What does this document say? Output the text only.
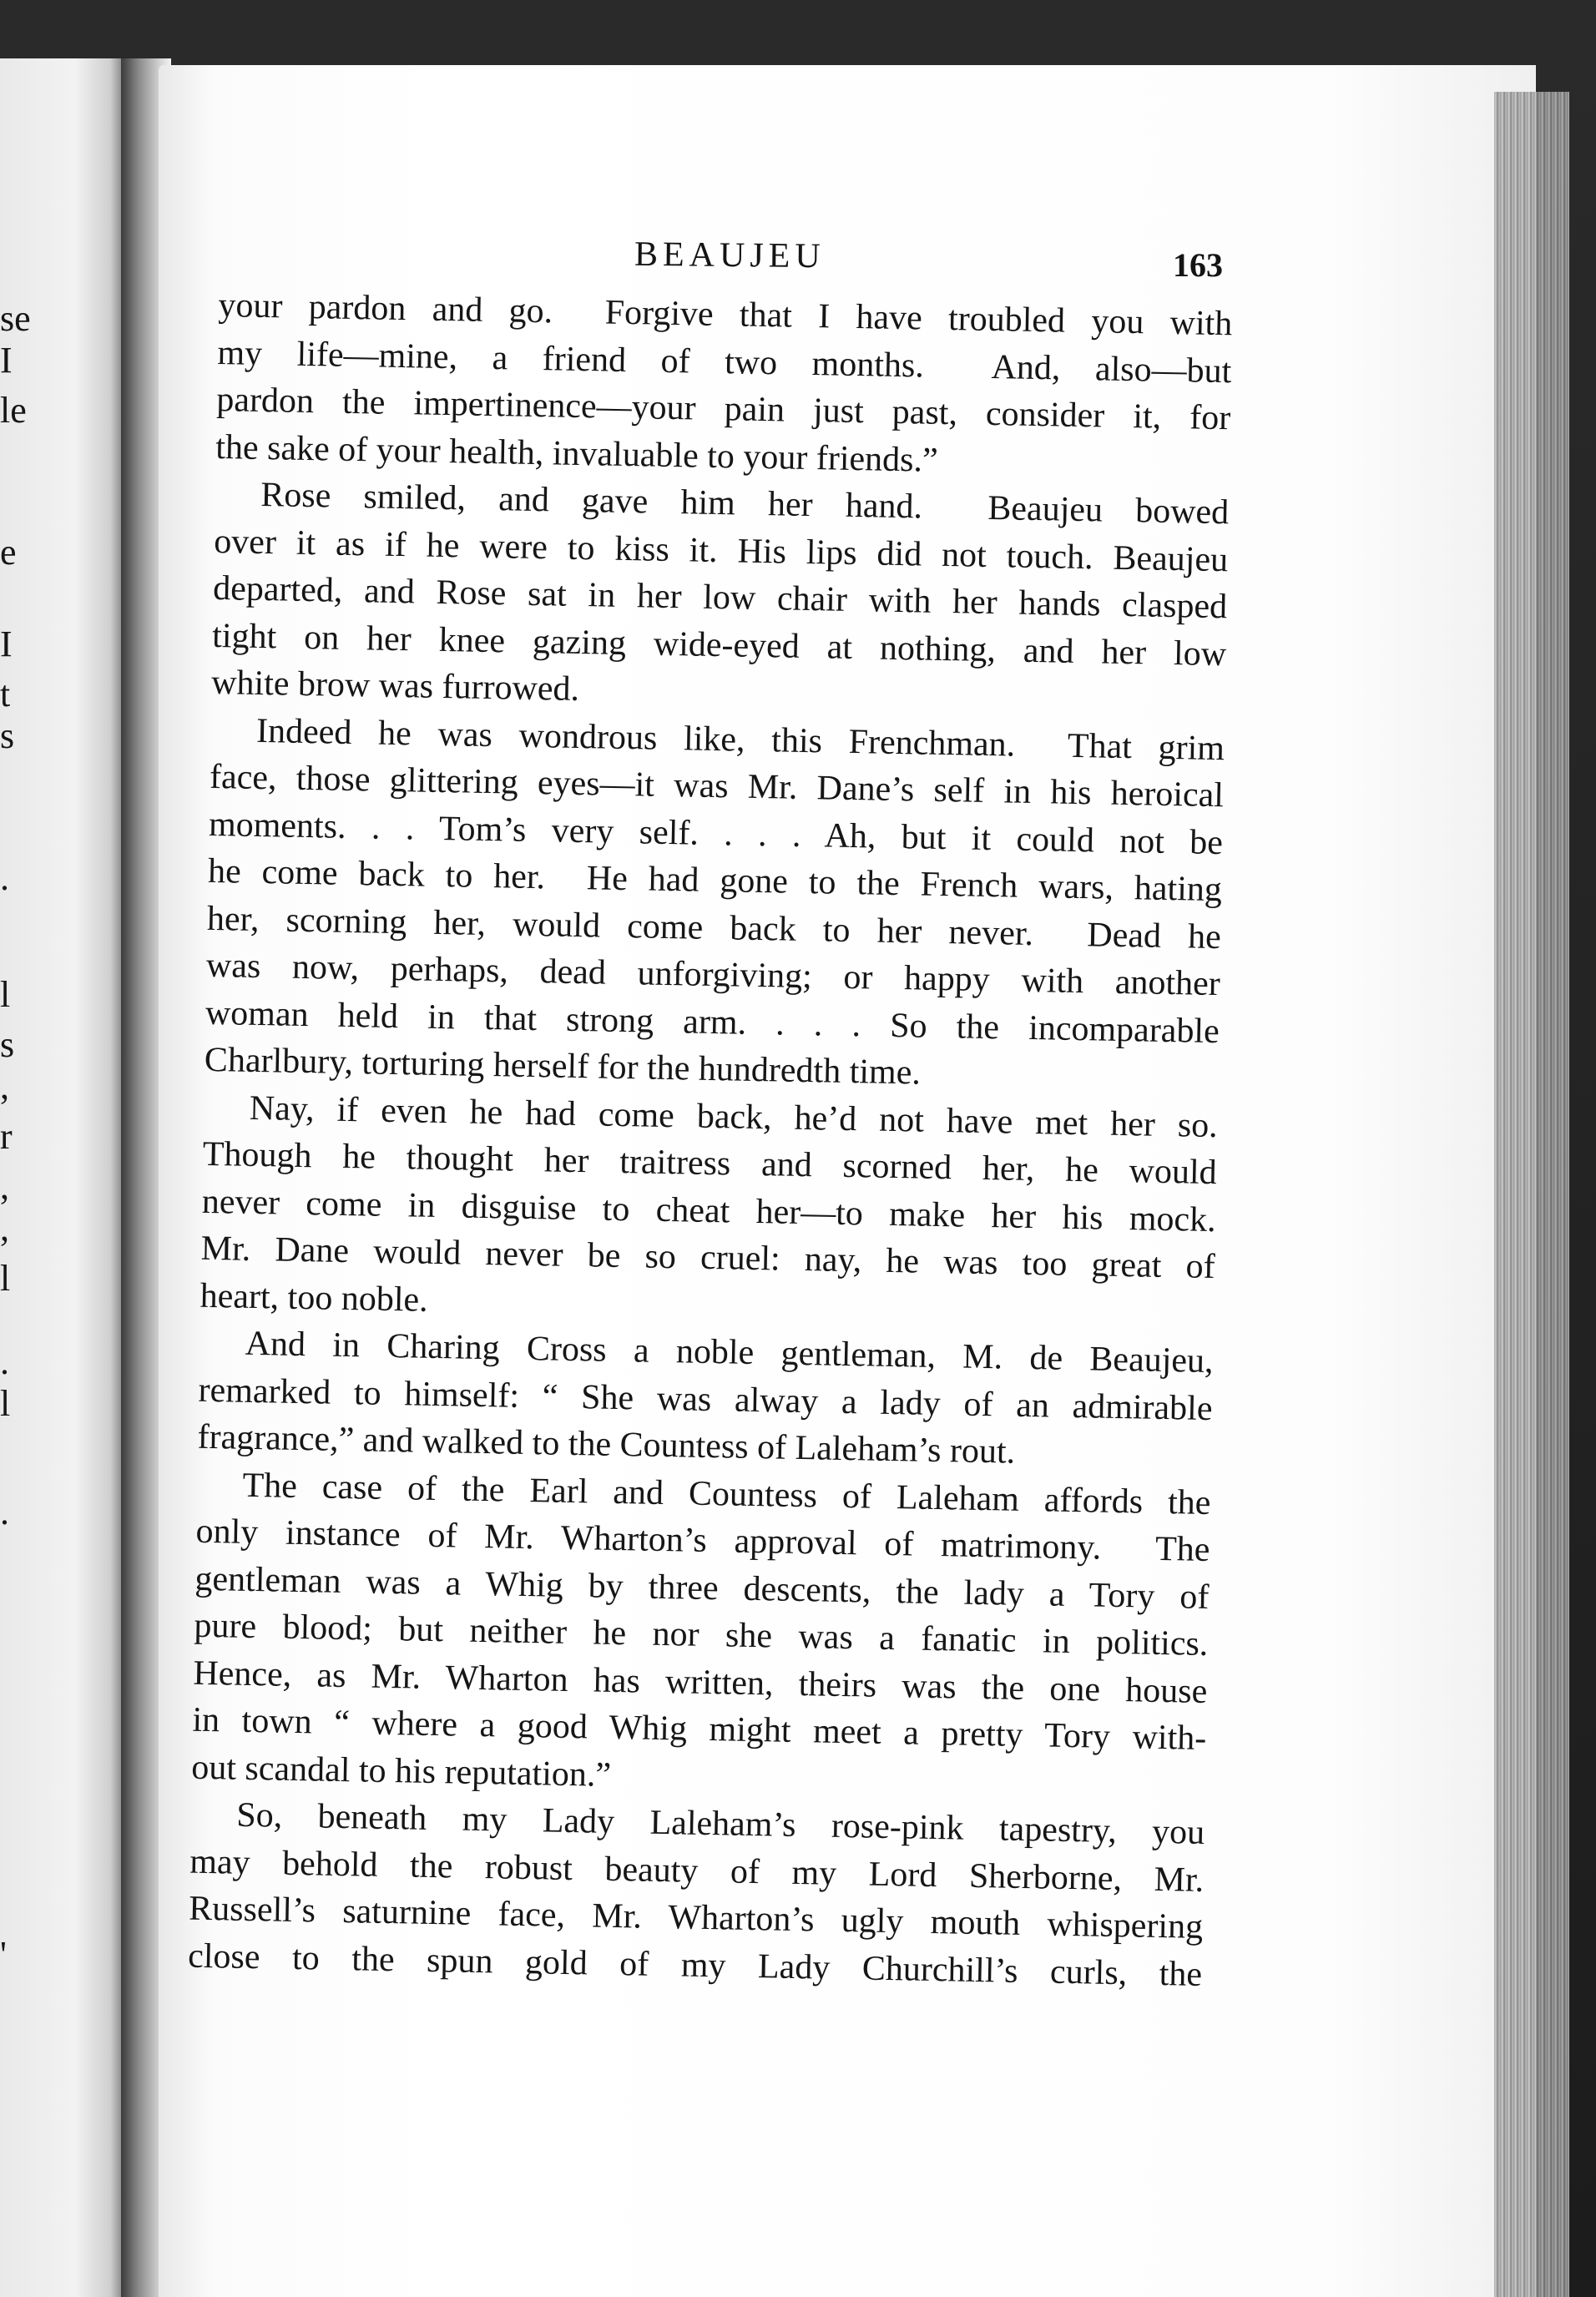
se
I
le
e
I
t
s
.
l
s
,
r
,
,
l
.
l
.
'
BEAUJEU	163
your pardon and go.  Forgive that I have troubled you with
my life—mine, a friend of two months.  And, also—but
pardon the impertinence—your pain just past, consider it, for
the sake of your health, invaluable to your friends.”
Rose smiled, and gave him her hand.  Beaujeu bowed
over it as if he were to kiss it. His lips did not touch. Beaujeu
departed, and Rose sat in her low chair with her hands clasped
tight on her knee gazing wide-eyed at nothing, and her low
white brow was furrowed.
Indeed he was wondrous like, this Frenchman.  That grim
face, those glittering eyes—it was Mr. Dane’s self in his heroical
moments. . . Tom’s very self. . . . Ah, but it could not be
he come back to her.  He had gone to the French wars, hating
her, scorning her, would come back to her never.  Dead he
was now, perhaps, dead unforgiving; or happy with another
woman held in that strong arm. . . . So the incomparable
Charlbury, torturing herself for the hundredth time.
Nay, if even he had come back, he’d not have met her so.
Though he thought her traitress and scorned her, he would
never come in disguise to cheat her—to make her his mock.
Mr. Dane would never be so cruel: nay, he was too great of
heart, too noble.
And in Charing Cross a noble gentleman, M. de Beaujeu,
remarked to himself: “ She was alway a lady of an admirable
fragrance,” and walked to the Countess of Laleham’s rout.
The case of the Earl and Countess of Laleham affords the
only instance of Mr. Wharton’s approval of matrimony.  The
gentleman was a Whig by three descents, the lady a Tory of
pure blood; but neither he nor she was a fanatic in politics.
Hence, as Mr. Wharton has written, theirs was the one house
in town “ where a good Whig might meet a pretty Tory with-
out scandal to his reputation.”
So, beneath my Lady Laleham’s rose-pink tapestry, you
may behold the robust beauty of my Lord Sherborne, Mr.
Russell’s saturnine face, Mr. Wharton’s ugly mouth whispering
close to the spun gold of my Lady Churchill’s curls, the
